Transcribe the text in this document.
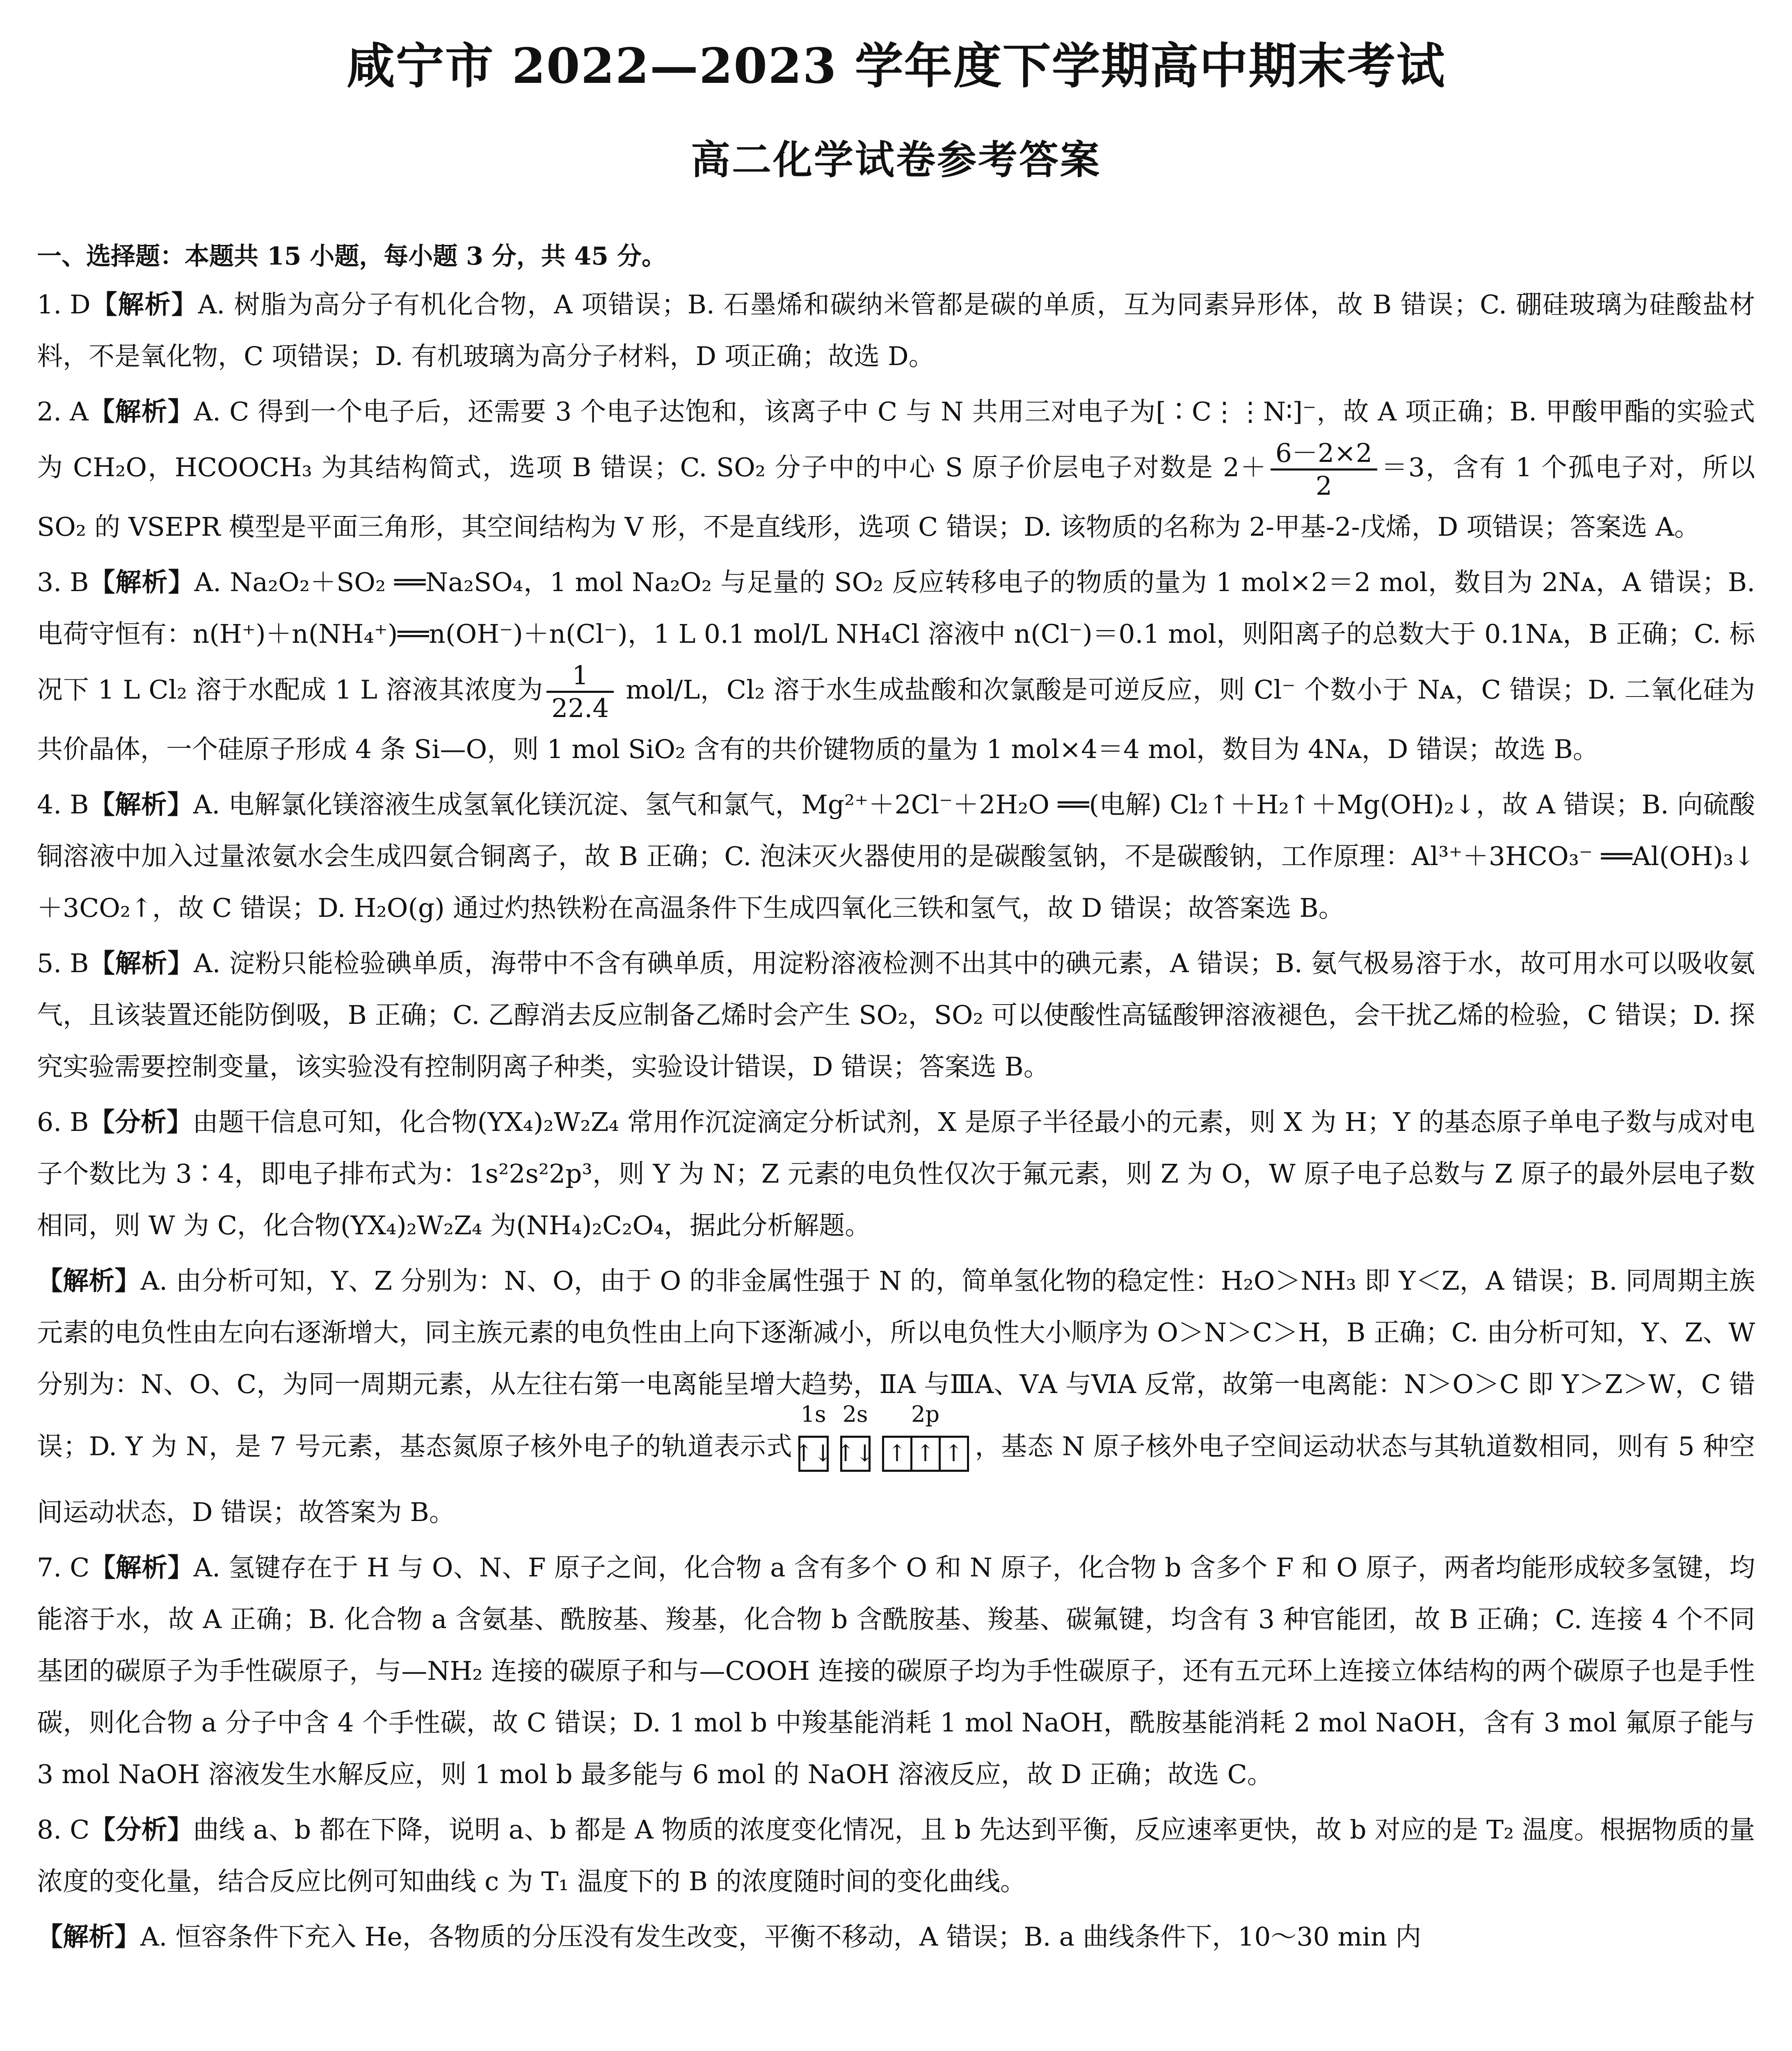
咸宁市 2022—2023 学年度下学期高中期末考试
高二化学试卷参考答案

一、选择题：本题共 15 小题，每小题 3 分，共 45 分。

1. D【解析】A. 树脂为高分子有机化合物，A 项错误；B. 石墨烯和碳纳米管都是碳的单质，互为同素异形体，故 B 错误；C. 硼硅玻璃为硅酸盐材料，不是氧化物，C 项错误；D. 有机玻璃为高分子材料，D 项正确；故选 D。

2. A【解析】A. C 得到一个电子后，还需要 3 个电子达饱和，该离子中 C 与 N 共用三对电子为[∶C⋮⋮N∶]⁻，故 A 项正确；B. 甲酸甲酯的实验式为 CH₂O，HCOOCH₃ 为其结构简式，选项 B 错误；C. SO₂ 分子中的中心 S 原子价层电子对数是 $2+ \frac{6-2\times 2}{2} =3$，含有 1 个孤电子对，所以 SO₂ 的 VSEPR 模型是平面三角形，其空间结构为 V 形，不是直线形，选项 C 错误；D. 该物质的名称为 2-甲基-2-戊烯，D 项错误；答案选 A。

3. B【解析】A. Na₂O₂＋SO₂ ══Na₂SO₄，1 mol Na₂O₂ 与足量的 SO₂ 反应转移电子的物质的量为 1 mol×2＝2 mol，数目为 2Nᴀ，A 错误；B. 电荷守恒有：n(H⁺)＋n(NH₄⁺)══n(OH⁻)＋n(Cl⁻)，1 L 0.1 mol/L NH₄Cl 溶液中 n(Cl⁻)＝0.1 mol，则阳离子的总数大于 0.1Nᴀ，B 正确；C. 标况下 1 L Cl₂ 溶于水配成 1 L 溶液其浓度为 $\frac{1}{22.4} mol/L$，Cl₂ 溶于水生成盐酸和次氯酸是可逆反应，则 Cl⁻ 个数小于 Nᴀ，C 错误；D. 二氧化硅为共价晶体，一个硅原子形成 4 条 Si—O，则 1 mol SiO₂ 含有的共价键物质的量为 1 mol×4＝4 mol，数目为 4Nᴀ，D 错误；故选 B。

4. B【解析】A. 电解氯化镁溶液生成氢氧化镁沉淀、氢气和氯气，Mg²⁺＋2Cl⁻＋2H₂O ══(电解) Cl₂↑＋H₂↑＋Mg(OH)₂↓，故 A 错误；B. 向硫酸铜溶液中加入过量浓氨水会生成四氨合铜离子，故 B 正确；C. 泡沫灭火器使用的是碳酸氢钠，不是碳酸钠，工作原理：Al³⁺＋3HCO₃⁻ ══Al(OH)₃↓＋3CO₂↑，故 C 错误；D. H₂O(g) 通过灼热铁粉在高温条件下生成四氧化三铁和氢气，故 D 错误；故答案选 B。

5. B【解析】A. 淀粉只能检验碘单质，海带中不含有碘单质，用淀粉溶液检测不出其中的碘元素，A 错误；B. 氨气极易溶于水，故可用水可以吸收氨气，且该装置还能防倒吸，B 正确；C. 乙醇消去反应制备乙烯时会产生 SO₂，SO₂ 可以使酸性高锰酸钾溶液褪色，会干扰乙烯的检验，C 错误；D. 探究实验需要控制变量，该实验没有控制阴离子种类，实验设计错误，D 错误；答案选 B。

6. B【分析】由题干信息可知，化合物(YX₄)₂W₂Z₄ 常用作沉淀滴定分析试剂，X 是原子半径最小的元素，则 X 为 H；Y 的基态原子单电子数与成对电子个数比为 3∶4，即电子排布式为：1s²2s²2p³，则 Y 为 N；Z 元素的电负性仅次于氟元素，则 Z 为 O，W 原子电子总数与 Z 原子的最外层电子数相同，则 W 为 C，化合物(YX₄)₂W₂Z₄ 为(NH₄)₂C₂O₄，据此分析解题。

【解析】A. 由分析可知，Y、Z 分别为：N、O，由于 O 的非金属性强于 N 的，简单氢化物的稳定性：H₂O＞NH₃ 即 Y＜Z，A 错误；B. 同周期主族元素的电负性由左向右逐渐增大，同主族元素的电负性由上向下逐渐减小，所以电负性大小顺序为 O＞N＞C＞H，B 正确；C. 由分析可知，Y、Z、W 分别为：N、O、C，为同一周期元素，从左往右第一电离能呈增大趋势，ⅡA 与ⅢA、ⅤA 与ⅥA 反常，故第一电离能：N＞O＞C 即 Y＞Z＞W，C 错误；D. Y 为 N，是 7 号元素，基态氮原子核外电子的轨道表示式
1s
↑↓
2s
↑↓
2p
↑ ↑ ↑ ，基态 N 原子核外电子空间运动状态与其轨道数相同，则有 5 种空间运动状态，D 错误；故答案为 B。

7. C【解析】A. 氢键存在于 H 与 O、N、F 原子之间，化合物 a 含有多个 O 和 N 原子，化合物 b 含多个 F 和 O 原子，两者均能形成较多氢键，均能溶于水，故 A 正确；B. 化合物 a 含氨基、酰胺基、羧基，化合物 b 含酰胺基、羧基、碳氟键，均含有 3 种官能团，故 B 正确；C. 连接 4 个不同基团的碳原子为手性碳原子，与—NH₂ 连接的碳原子和与—COOH 连接的碳原子均为手性碳原子，还有五元环上连接立体结构的两个碳原子也是手性碳，则化合物 a 分子中含 4 个手性碳，故 C 错误；D. 1 mol b 中羧基能消耗 1 mol NaOH，酰胺基能消耗 2 mol NaOH，含有 3 mol 氟原子能与 3 mol NaOH 溶液发生水解反应，则 1 mol b 最多能与 6 mol 的 NaOH 溶液反应，故 D 正确；故选 C。

8. C【分析】曲线 a、b 都在下降，说明 a、b 都是 A 物质的浓度变化情况，且 b 先达到平衡，反应速率更快，故 b 对应的是 T₂ 温度。根据物质的量浓度的变化量，结合反应比例可知曲线 c 为 T₁ 温度下的 B 的浓度随时间的变化曲线。

【解析】A. 恒容条件下充入 He，各物质的分压没有发生改变，平衡不移动，A 错误；B. a 曲线条件下，10～30 min 内
